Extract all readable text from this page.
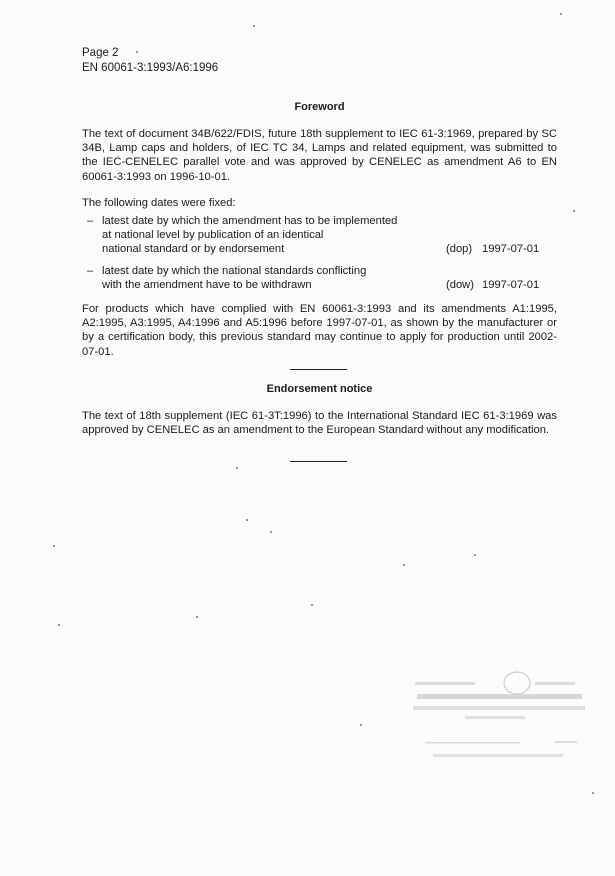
Page 2
EN 60061-3:1993/A6:1996
Foreword
The text of document 34B/622/FDIS, future 18th supplement to IEC 61-3:1969, prepared by SC 34B, Lamp caps and holders, of IEC TC 34, Lamps and related equipment, was submitted to the IEC-CENELEC parallel vote and was approved by CENELEC as amendment A6 to EN 60061-3:1993 on 1996-10-01.
The following dates were fixed:
– latest date by which the amendment has to be implemented
at national level by publication of an identical
national standard or by endorsement	(dop) 1997-07-01
– latest date by which the national standards conflicting
with the amendment have to be withdrawn	(dow) 1997-07-01
For products which have complied with EN 60061-3:1993 and its amendments A1:1995, A2:1995, A3:1995, A4:1996 and A5:1996 before 1997-07-01, as shown by the manufacturer or by a certification body, this previous standard may continue to apply for production until 2002-07-01.
Endorsement notice
The text of 18th supplement (IEC 61-3T:1996) to the International Standard IEC 61-3:1969 was approved by CENELEC as an amendment to the European Standard without any modification.
